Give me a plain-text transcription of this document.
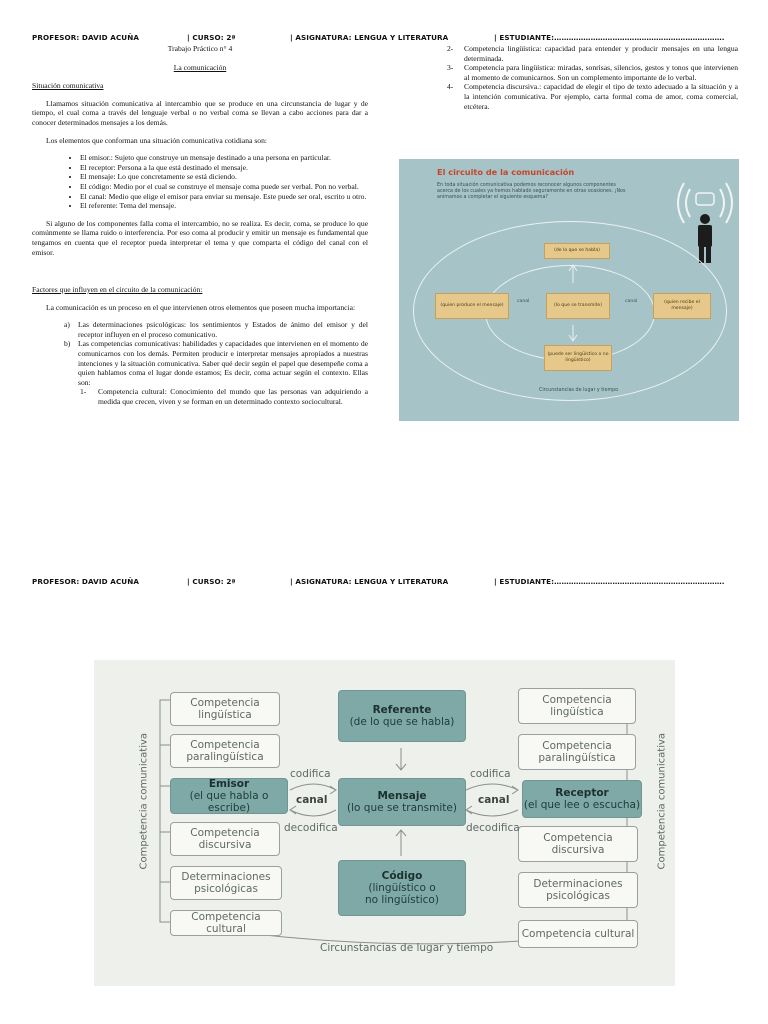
PROFESOR: DAVID ACUÑA	| CURSO: 2ª	| ASIGNATURA: LENGUA Y LITERATURA	| ESTUDIANTE:…………………………………………………………….
Trabajo Práctico n° 4
La comunicación
Situación comunicativa

Llamamos situación comunicativa al intercambio que se produce en una circunstancia de lugar y de tiempo, el cual coma a través del lenguaje verbal o no verbal coma se llevan a cabo acciones para dar a conocer determinados mensajes a los demás.

Los elementos que conforman una situación comunicativa cotidiana son:

• El emisor.: Sujeto que construye un mensaje destinado a una persona en particular.
• El receptor: Persona a la que está destinado el mensaje.
• El mensaje: Lo que concretamente se está diciendo.
• El código: Medio por el cual se construye el mensaje coma puede ser verbal. Pon no verbal.
• El canal: Medio que elige el emisor para enviar su mensaje. Este puede ser oral, escrito u otro.
• El referente: Tema del mensaje.

Si alguno de los componentes falla coma el intercambio, no se realiza. Es decir, coma, se produce lo que comúnmente se llama ruido o interferencia. Por eso coma al producir y emitir un mensaje es fundamental que tengamos en cuenta que el receptor pueda interpretar el tema y que comparta el código del canal con el emisor.

Factores que influyen en el circuito de la comunicación:

La comunicación es un proceso en el que intervienen otros elementos que poseen mucha importancia:

a)	Las determinaciones psicológicas: los sentimientos y Estados de ánimo del emisor y del receptor influyen en el proceso comunicativo.
b)	Las competencias comunicativas: habilidades y capacidades que intervienen en el momento de comunicarnos con los demás. Permiten producir e interpretar mensajes apropiados a nuestras intenciones y la situación comunicativa. Saber qué decir según el papel que desempeñe coma a quien hablamos coma el lugar donde estamos; Es decir, coma actuar según el contexto. Ellas son:
1-	Competencia cultural: Conocimiento del mundo que las personas van adquiriendo a medida que crecen, viven y se forman en un determinado contexto sociocultural.
2-	Competencia lingüística: capacidad para entender y producir mensajes en una lengua determinada.
3-	Competencia para lingüística: miradas, sonrisas, silencios, gestos y tonos que intervienen al momento de comunicarnos. Son un complemento importante de lo verbal.
4-	Competencia discursiva.: capacidad de elegir el tipo de texto adecuado a la situación y a la intención comunicativa. Por ejemplo, carta formal coma de amor, coma comercial, etcétera.
El circuito de la comunicación
En toda situación comunicativa podemos reconocer algunos componentes acerca de los cuales ya hemos hablado seguramente en otras ocasiones. ¡Nos animamos a completar el siguiente esquema?
(de lo que se habla)
(quien produce el mensaje)	(lo que se transmite)
(quien recibe el mensaje)
(puede ser lingüístico o no lingüístico)
canal	canal
Circunstancias de lugar y tiempo
PROFESOR: DAVID ACUÑA	| CURSO: 2ª	| ASIGNATURA: LENGUA Y LITERATURA	| ESTUDIANTE:…………………………………………………………….
Competencia lingüística
Competencia paralingüística
Emisor
(el que habla o escribe)
Competencia discursiva
Determinaciones psicológicas
Competencia cultural
Referente
(de lo que se habla)
Mensaje
(lo que se transmite)
Código
(lingüístico o
no lingüístico)
Competencia lingüística
Competencia paralingüística
Receptor
(el que lee o escucha)
Competencia discursiva
Determinaciones psicológicas
Competencia cultural
codifica
canal
decodifica
codifica
canal
decodifica
Competencia comunicativa	Competencia comunicativa
Circunstancias de lugar y tiempo
